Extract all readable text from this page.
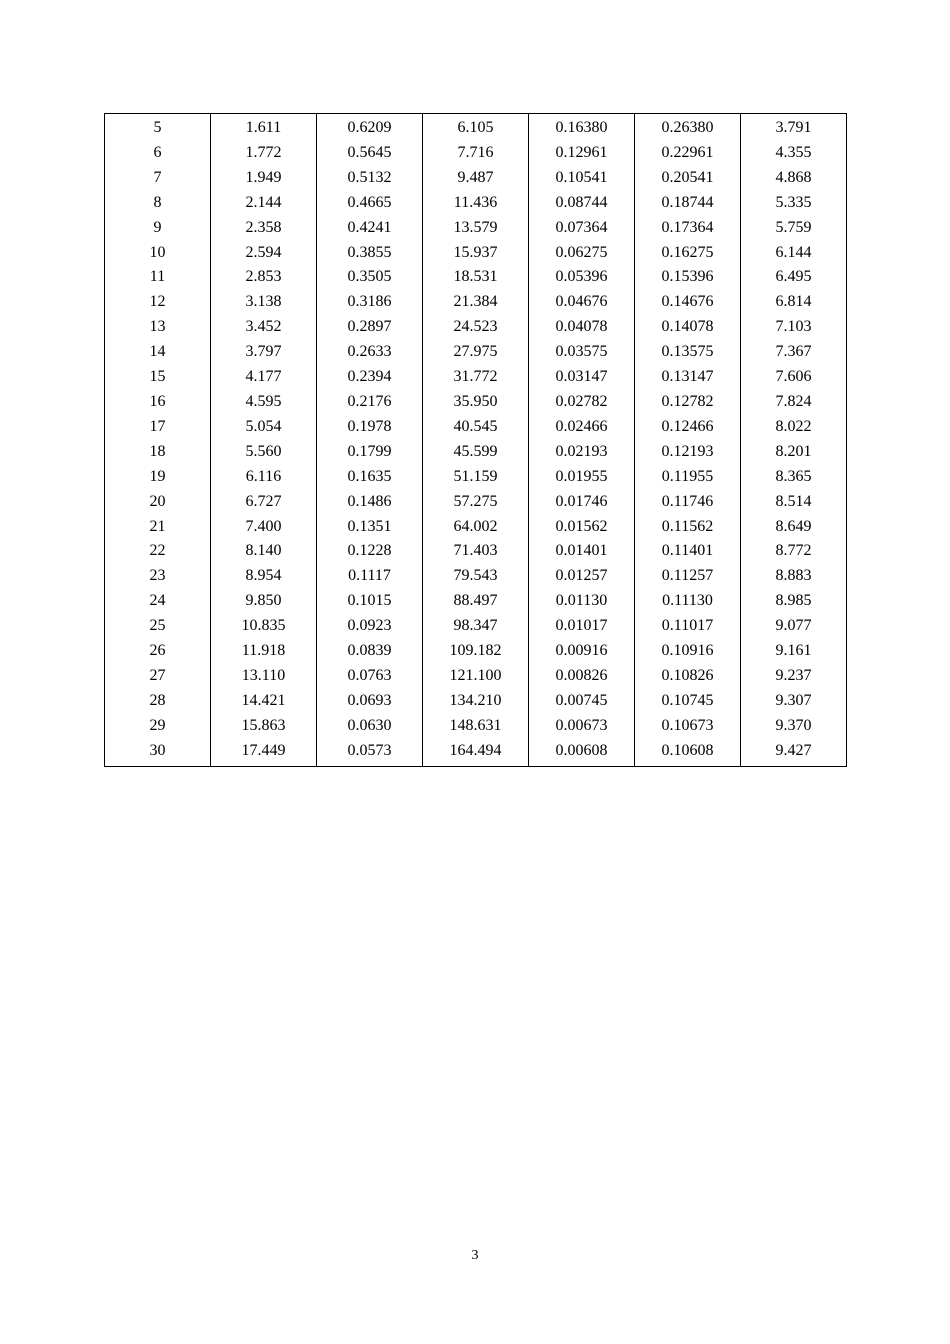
5	1.611	0.6209	6.105	0.16380	0.26380	3.791
6	1.772	0.5645	7.716	0.12961	0.22961	4.355
7	1.949	0.5132	9.487	0.10541	0.20541	4.868
8	2.144	0.4665	11.436	0.08744	0.18744	5.335
9	2.358	0.4241	13.579	0.07364	0.17364	5.759
10	2.594	0.3855	15.937	0.06275	0.16275	6.144
11	2.853	0.3505	18.531	0.05396	0.15396	6.495
12	3.138	0.3186	21.384	0.04676	0.14676	6.814
13	3.452	0.2897	24.523	0.04078	0.14078	7.103
14	3.797	0.2633	27.975	0.03575	0.13575	7.367
15	4.177	0.2394	31.772	0.03147	0.13147	7.606
16	4.595	0.2176	35.950	0.02782	0.12782	7.824
17	5.054	0.1978	40.545	0.02466	0.12466	8.022
18	5.560	0.1799	45.599	0.02193	0.12193	8.201
19	6.116	0.1635	51.159	0.01955	0.11955	8.365
20	6.727	0.1486	57.275	0.01746	0.11746	8.514
21	7.400	0.1351	64.002	0.01562	0.11562	8.649
22	8.140	0.1228	71.403	0.01401	0.11401	8.772
23	8.954	0.1117	79.543	0.01257	0.11257	8.883
24	9.850	0.1015	88.497	0.01130	0.11130	8.985
25	10.835	0.0923	98.347	0.01017	0.11017	9.077
26	11.918	0.0839	109.182	0.00916	0.10916	9.161
27	13.110	0.0763	121.100	0.00826	0.10826	9.237
28	14.421	0.0693	134.210	0.00745	0.10745	9.307
29	15.863	0.0630	148.631	0.00673	0.10673	9.370
30	17.449	0.0573	164.494	0.00608	0.10608	9.427
3
